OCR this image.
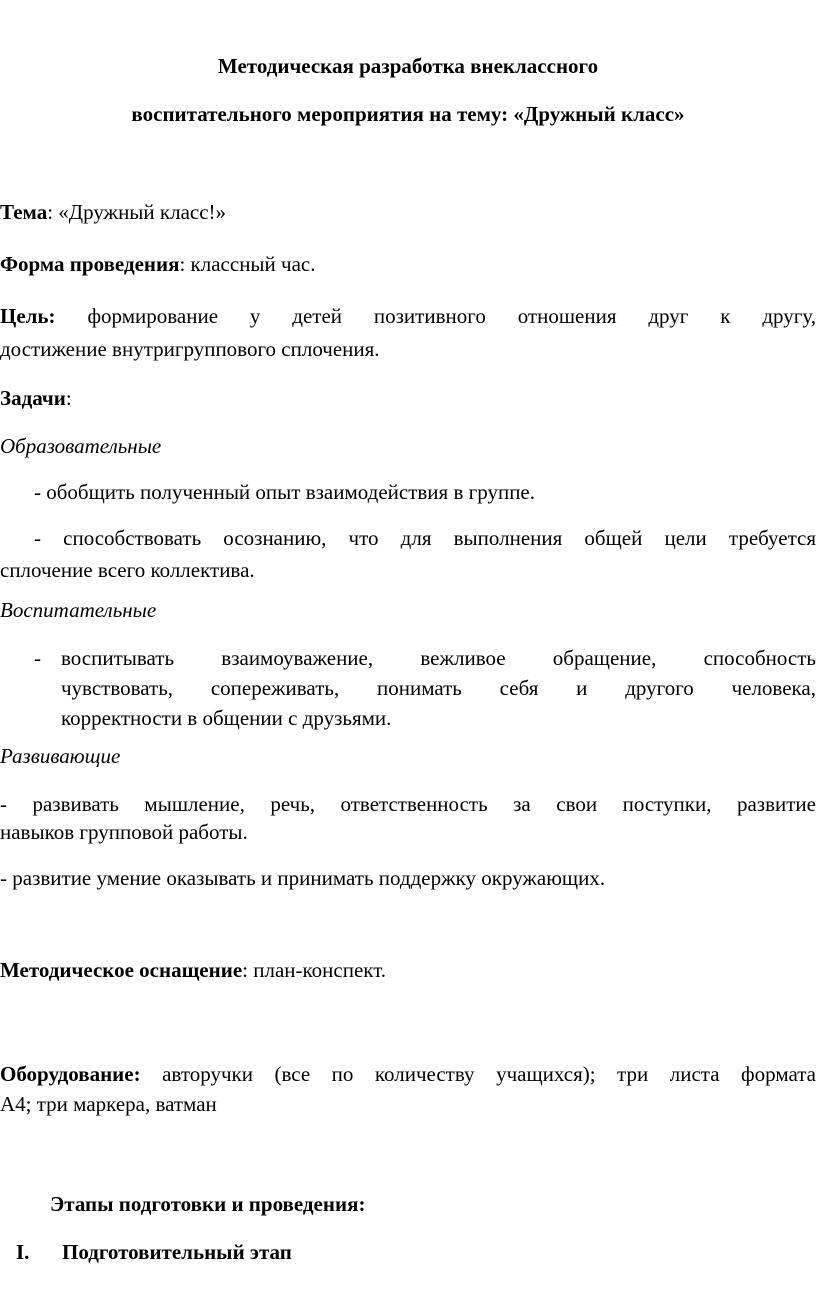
Методическая разработка внеклассного

воспитательного мероприятия на тему: «Дружный класс»

Тема: «Дружный класс!»

Форма проведения: классный час.

Цель: формирование у детей позитивного отношения друг к другу,

достижение внутригруппового сплочения.

Задачи:

Образовательные

- обобщить полученный опыт взаимодействия в группе.

- способствовать осознанию, что для выполнения общей цели требуется

сплочение всего коллектива.

Воспитательные

- воспитывать взаимоуважение, вежливое обращение, способность
чувствовать, сопереживать, понимать себя и другого человека,
корректности в общении с друзьями.

Развивающие

- развивать мышление, речь, ответственность за свои поступки, развитие

навыков групповой работы.

- развитие умение оказывать и принимать поддержку окружающих.

Методическое оснащение: план-конспект.

Оборудование: авторучки (все по количеству учащихся); три листа формата

А4; три маркера, ватман

Этапы подготовки и проведения:

I. Подготовительный этап
